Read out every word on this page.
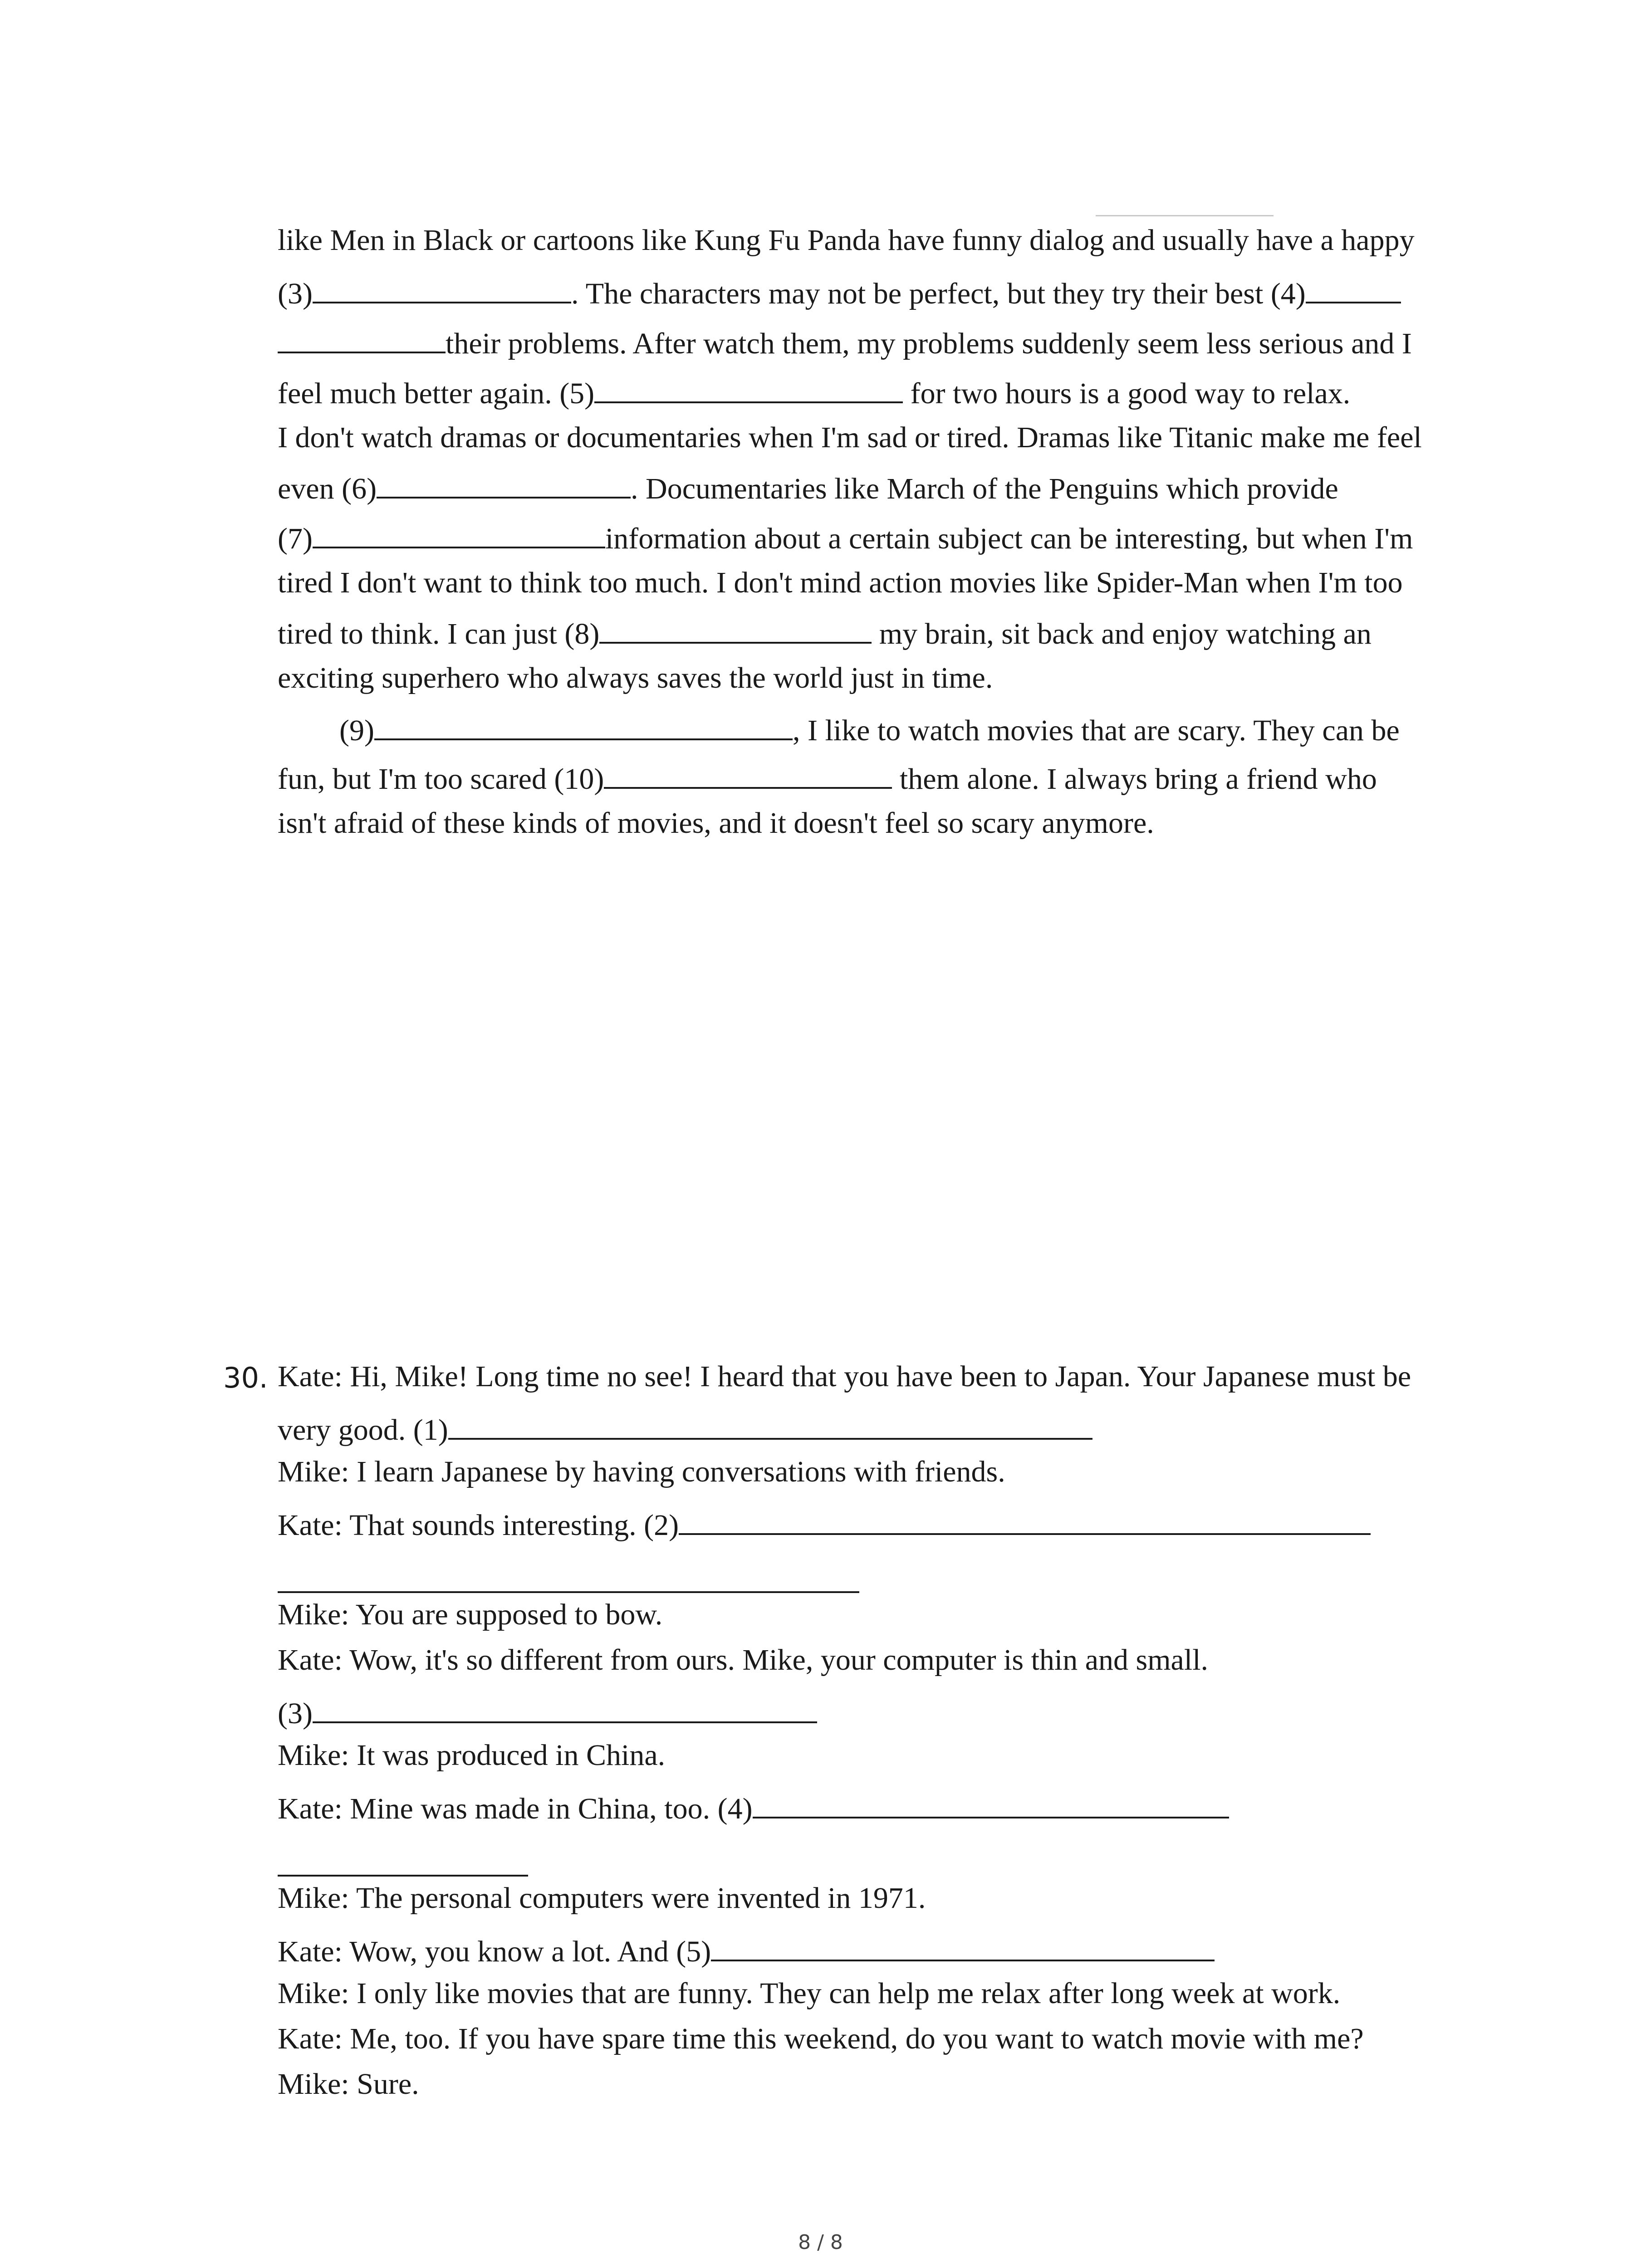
like Men in Black or cartoons like Kung Fu Panda have funny dialog and usually have a happy
(3)	. The characters may not be perfect, but they try their best (4)
their problems. After watch them, my problems suddenly seem less serious and I
feel much better again. (5)	for two hours is a good way to relax.
I don't watch dramas or documentaries when I'm sad or tired. Dramas like Titanic make me feel
even (6)	. Documentaries like March of the Penguins which provide
(7)	information about a certain subject can be interesting, but when I'm
tired I don't want to think too much. I don't mind action movies like Spider-Man when I'm too
tired to think. I can just (8)	my brain, sit back and enjoy watching an
exciting superhero who always saves the world just in time.
(9)	, I like to watch movies that are scary. They can be
fun, but I'm too scared (10)	them alone. I always bring a friend who
isn't afraid of these kinds of movies, and it doesn't feel so scary anymore.
30. Kate: Hi, Mike! Long time no see! I heard that you have been to Japan. Your Japanese must be
very good. (1)
Mike: I learn Japanese by having conversations with friends.
Kate: That sounds interesting. (2)
Mike: You are supposed to bow.
Kate: Wow, it's so different from ours. Mike, your computer is thin and small.
(3)
Mike: It was produced in China.
Kate: Mine was made in China, too. (4)
Mike: The personal computers were invented in 1971.
Kate: Wow, you know a lot. And (5)
Mike: I only like movies that are funny. They can help me relax after long week at work.
Kate: Me, too. If you have spare time this weekend, do you want to watch movie with me?
Mike: Sure.
8 / 8
